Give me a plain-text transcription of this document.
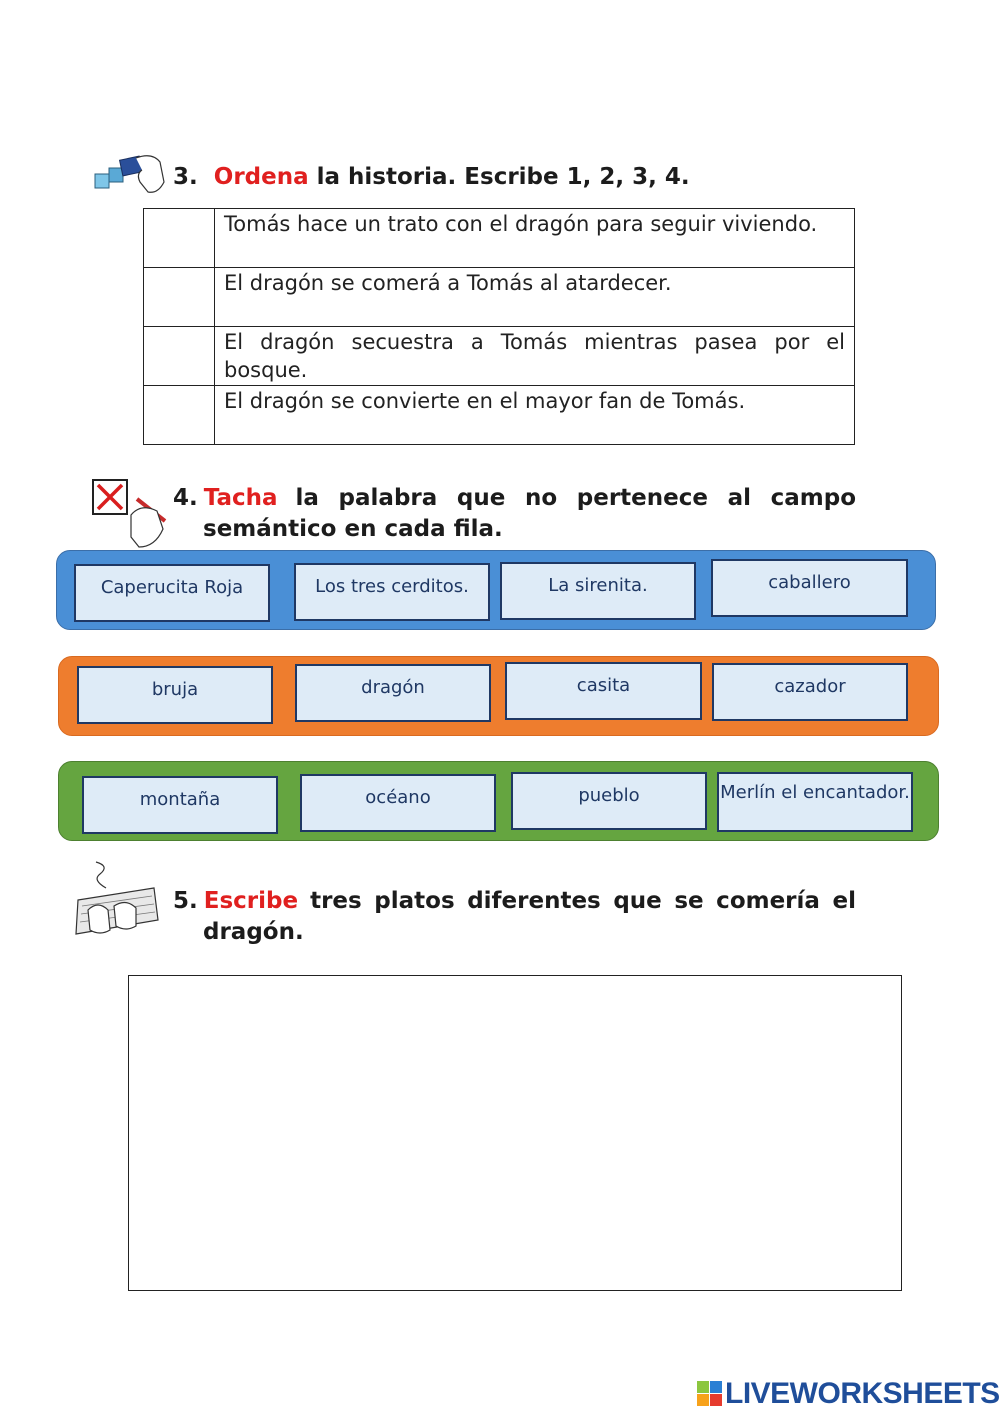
3. Ordena la historia. Escribe 1, 2, 3, 4.
	Tomás hace un trato con el dragón para seguir viviendo.
	El dragón se comerá a Tomás al atardecer.
	El dragón secuestra a Tomás mientras pasea por el bosque.
	El dragón se convierte en el mayor fan de Tomás.
4. Tacha la palabra que no pertenece al campo
semántico en cada fila.
Caperucita Roja	Los tres cerditos.	La sirenita.	caballero
bruja	dragón	casita	cazador
montaña	océano	pueblo	Merlín el encantador.
5. Escribe tres platos diferentes que se comería el
dragón.
LIVEWORKSHEETS
